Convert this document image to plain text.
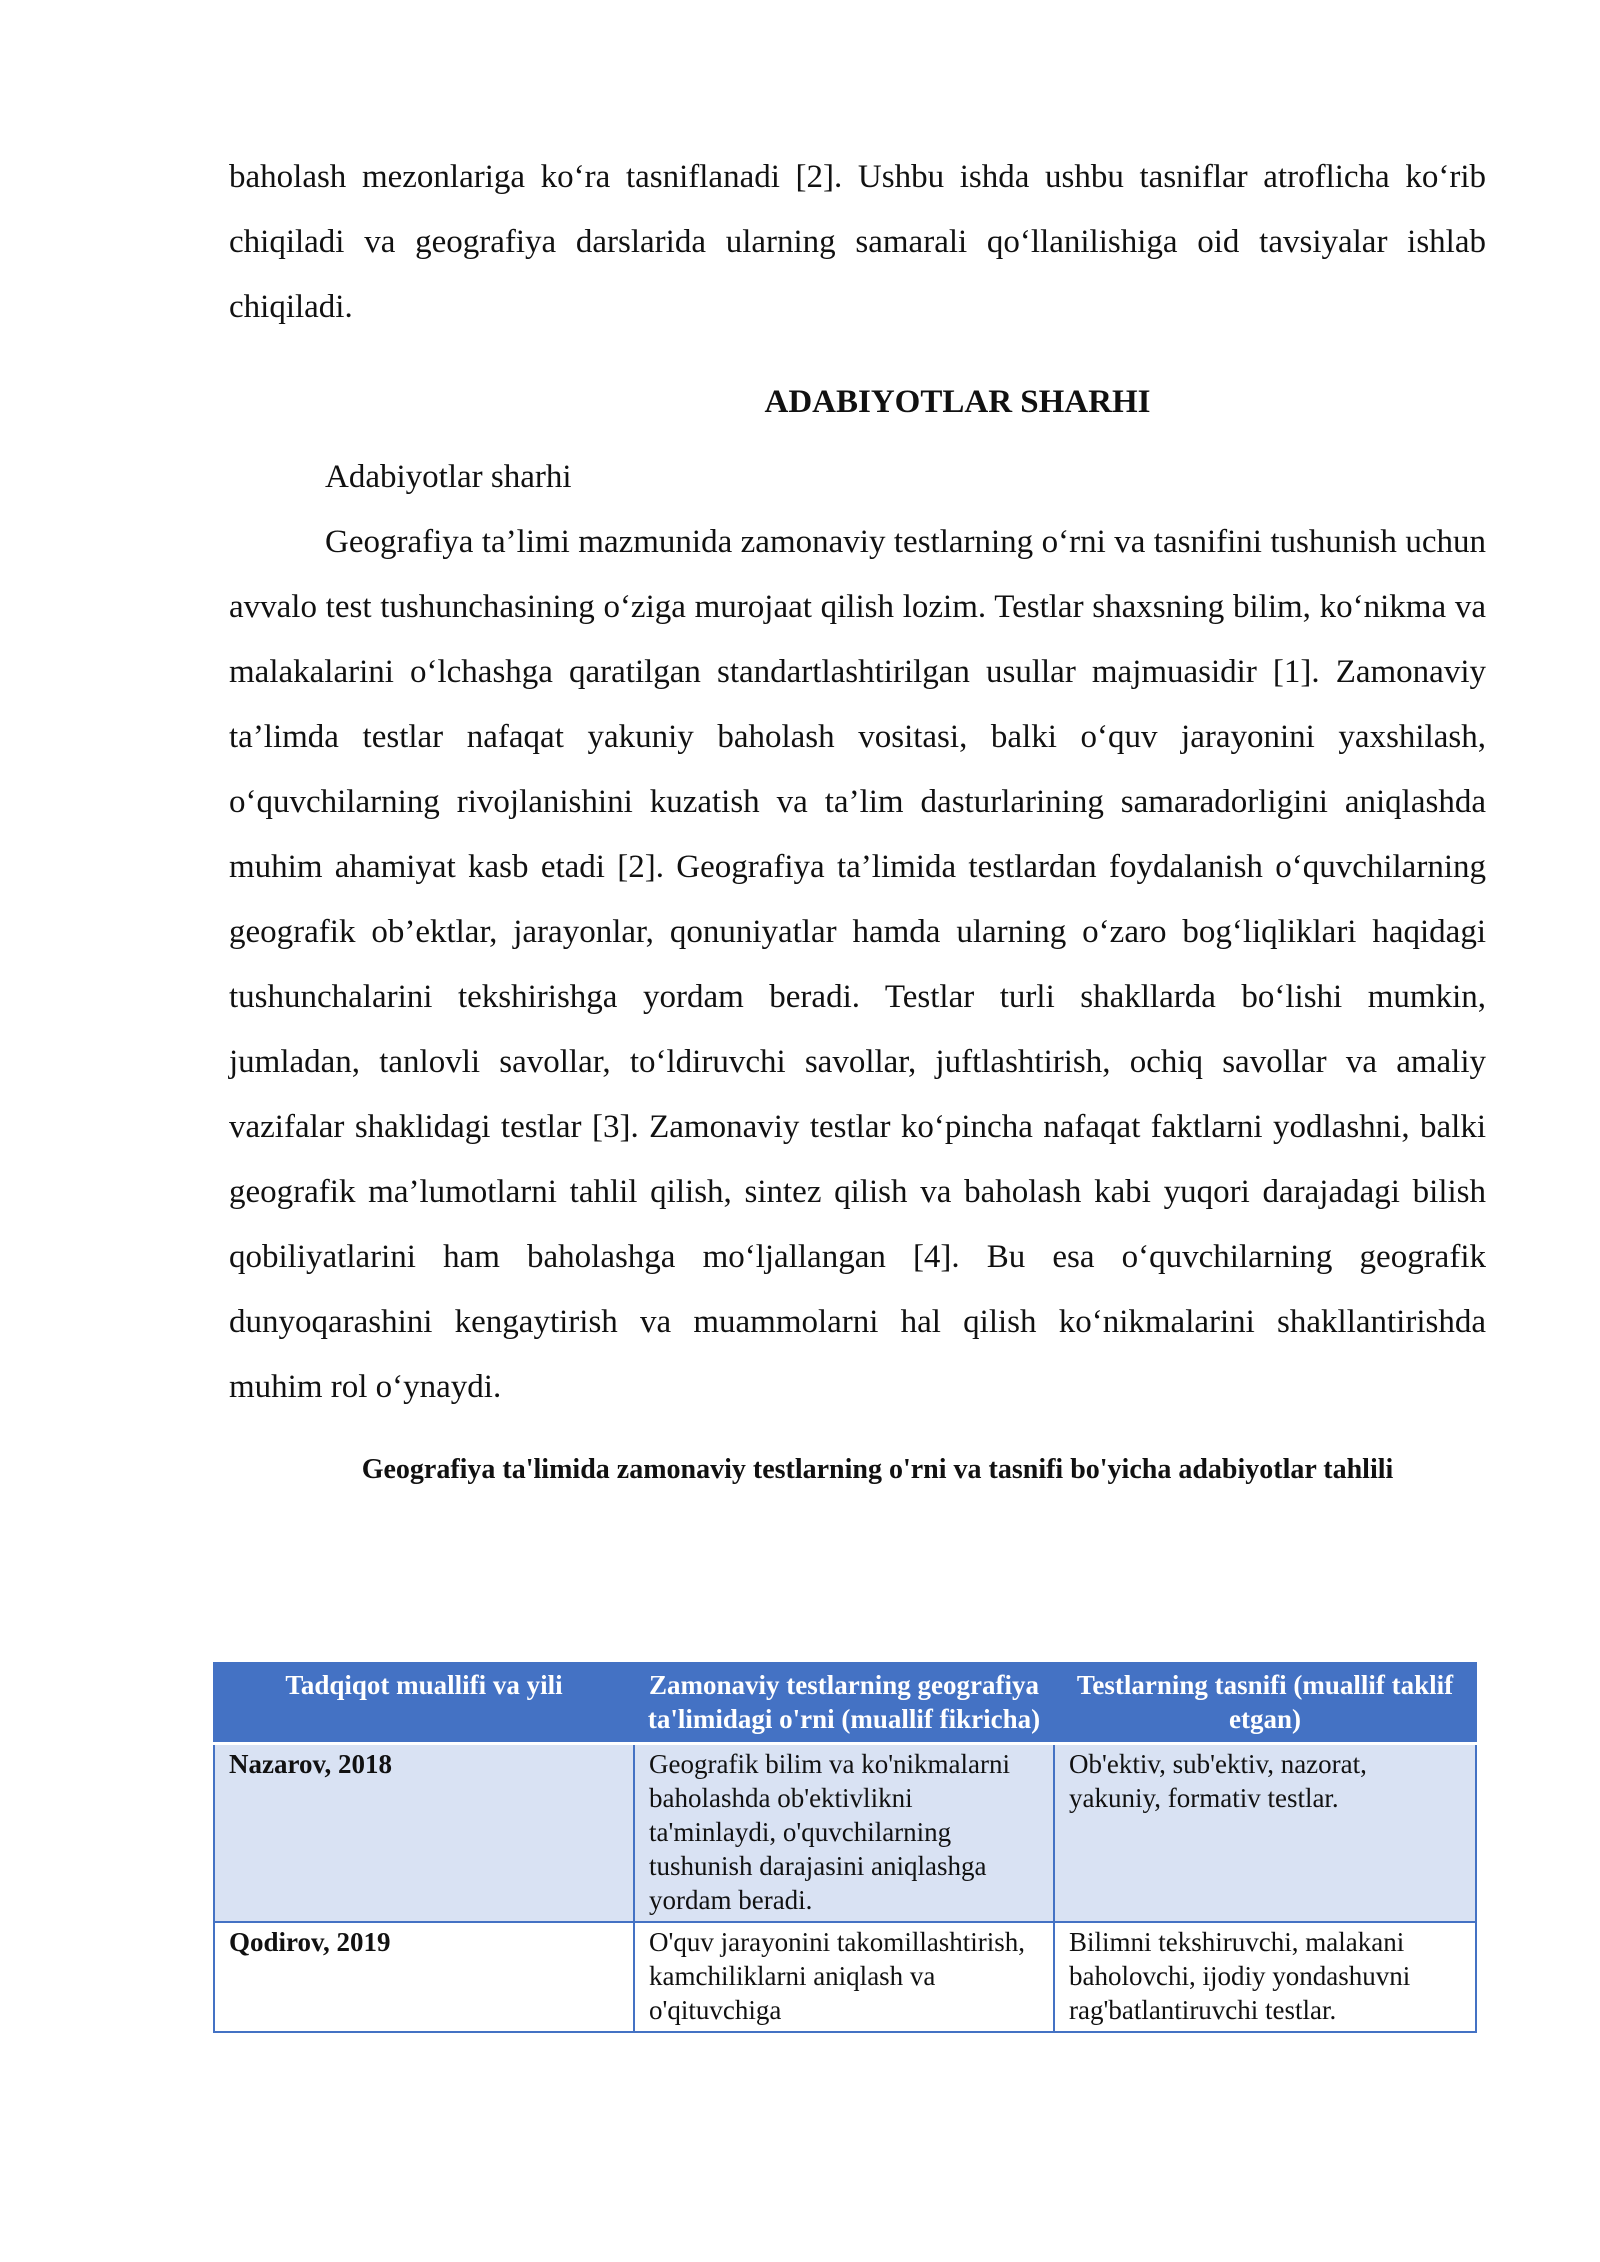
baholash mezonlariga ko‘ra tasniflanadi [2]. Ushbu ishda ushbu tasniflar atroflicha ko‘rib chiqiladi va geografiya darslarida ularning samarali qo‘llanilishiga oid tavsiyalar ishlab chiqiladi.

ADABIYOTLAR SHARHI

Adabiyotlar sharhi

Geografiya ta’limi mazmunida zamonaviy testlarning o‘rni va tasnifini tushunish uchun avvalo test tushunchasining o‘ziga murojaat qilish lozim. Testlar shaxsning bilim, ko‘nikma va malakalarini o‘lchashga qaratilgan standartlashtirilgan usullar majmuasidir [1]. Zamonaviy ta’limda testlar nafaqat yakuniy baholash vositasi, balki o‘quv jarayonini yaxshilash, o‘quvchilarning rivojlanishini kuzatish va ta’lim dasturlarining samaradorligini aniqlashda muhim ahamiyat kasb etadi [2]. Geografiya ta’limida testlardan foydalanish o‘quvchilarning geografik ob’ektlar, jarayonlar, qonuniyatlar hamda ularning o‘zaro bog‘liqliklari haqidagi tushunchalarini tekshirishga yordam beradi. Testlar turli shakllarda bo‘lishi mumkin, jumladan, tanlovli savollar, to‘ldiruvchi savollar, juftlashtirish, ochiq savollar va amaliy vazifalar shaklidagi testlar [3]. Zamonaviy testlar ko‘pincha nafaqat faktlarni yodlashni, balki geografik ma’lumotlarni tahlil qilish, sintez qilish va baholash kabi yuqori darajadagi bilish qobiliyatlarini ham baholashga mo‘ljallangan [4]. Bu esa o‘quvchilarning geografik dunyoqarashini kengaytirish va muammolarni hal qilish ko‘nikmalarini shakllantirishda muhim rol o‘ynaydi.

Geografiya ta'limida zamonaviy testlarning o'rni va tasnifi bo'yicha adabiyotlar tahlili

Tadqiqot muallifi va yili	Zamonaviy testlarning geografiya ta'limidagi o'rni (muallif fikricha)	Testlarning tasnifi (muallif taklif etgan)
Nazarov, 2018	Geografik bilim va ko'nikmalarni baholashda ob'ektivlikni ta'minlaydi, o'quvchilarning tushunish darajasini aniqlashga yordam beradi.	Ob'ektiv, sub'ektiv, nazorat, yakuniy, formativ testlar.
Qodirov, 2019	O'quv jarayonini takomillashtirish, kamchiliklarni aniqlash va o'qituvchiga	Bilimni tekshiruvchi, malakani baholovchi, ijodiy yondashuvni rag'batlantiruvchi testlar.
